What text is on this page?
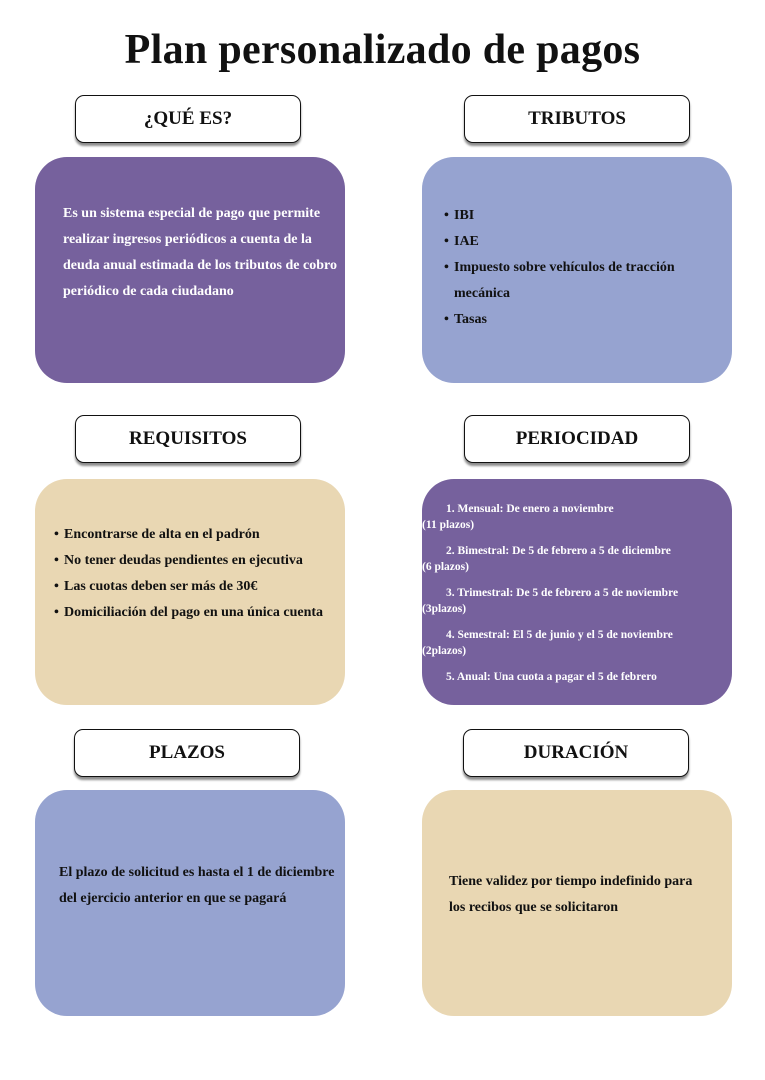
Plan personalizado de pagos
¿QUÉ ES?	TRIBUTOS
Es un sistema especial de pago que permite realizar ingresos periódicos a cuenta de la deuda anual estimada de los tributos de cobro periódico de cada ciudadano
• IBI
• IAE
• Impuesto sobre vehículos de tracción mecánica
• Tasas
REQUISITOS	PERIOCIDAD
• Encontrarse de alta en el padrón
• No tener deudas pendientes en ejecutiva
• Las cuotas deben ser más de 30€
• Domiciliación del pago en una única cuenta
1. Mensual: De enero a noviembre
(11 plazos)
2. Bimestral: De 5 de febrero a 5 de diciembre
(6 plazos)
3. Trimestral: De 5 de febrero a 5 de noviembre
(3plazos)
4. Semestral: El 5 de junio y el 5 de noviembre
(2plazos)
5. Anual: Una cuota a pagar el 5 de febrero
PLAZOS	DURACIÓN
El plazo de solicitud es hasta el 1 de diciembre del ejercicio anterior en que se pagará
Tiene validez por tiempo indefinido para los recibos que se solicitaron
